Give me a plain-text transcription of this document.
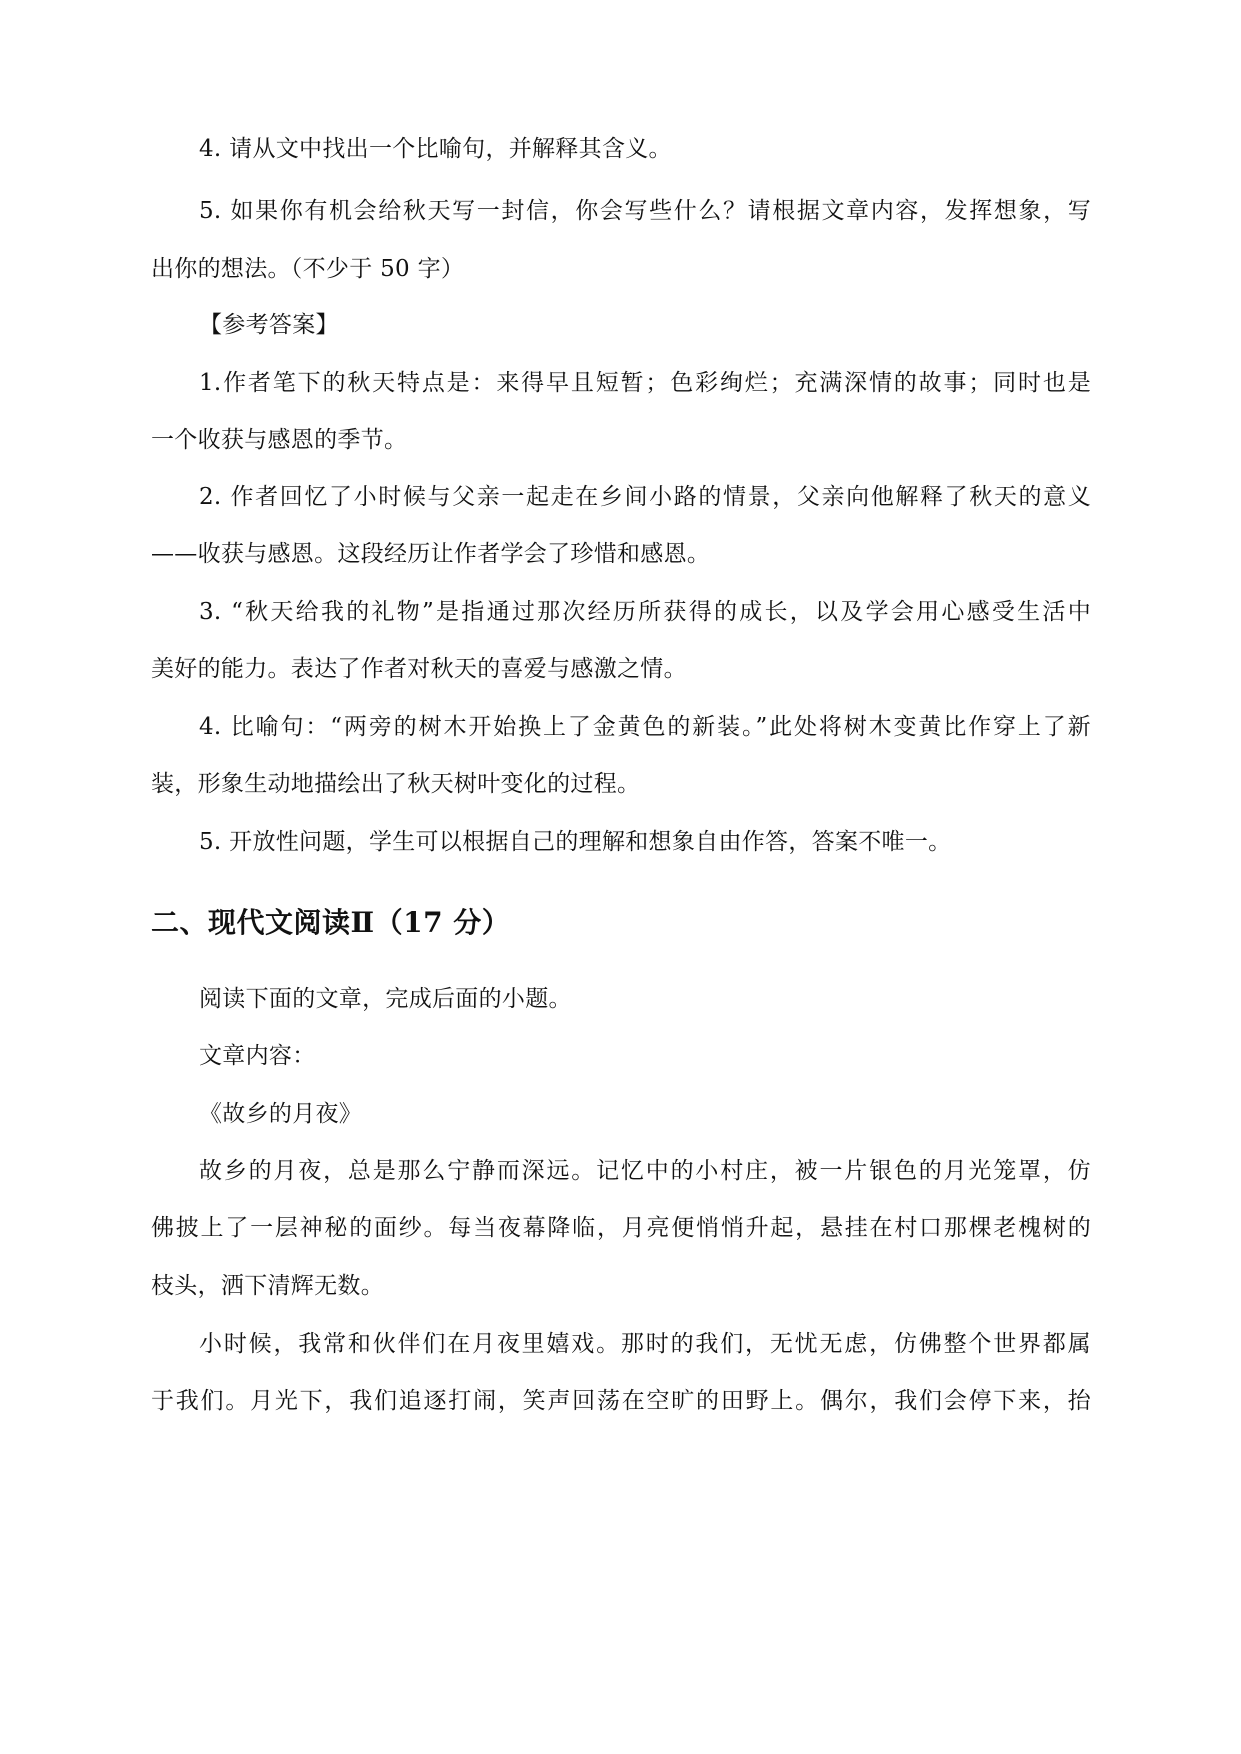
4. 请从文中找出一个比喻句，并解释其含义。
5. 如果你有机会给秋天写一封信，你会写些什么？请根据文章内容，发挥想象，写
出你的想法。（不少于 50 字）
【参考答案】
1.作者笔下的秋天特点是：来得早且短暂；色彩绚烂；充满深情的故事；同时也是
一个收获与感恩的季节。
2. 作者回忆了小时候与父亲一起走在乡间小路的情景，父亲向他解释了秋天的意义
——收获与感恩。这段经历让作者学会了珍惜和感恩。
3. “秋天给我的礼物”是指通过那次经历所获得的成长，以及学会用心感受生活中
美好的能力。表达了作者对秋天的喜爱与感激之情。
4. 比喻句：“两旁的树木开始换上了金黄色的新装。”此处将树木变黄比作穿上了新
装，形象生动地描绘出了秋天树叶变化的过程。
5. 开放性问题，学生可以根据自己的理解和想象自由作答，答案不唯一。
二、现代文阅读Ⅱ（17 分）
阅读下面的文章，完成后面的小题。
文章内容：
《故乡的月夜》
故乡的月夜，总是那么宁静而深远。记忆中的小村庄，被一片银色的月光笼罩，仿
佛披上了一层神秘的面纱。每当夜幕降临，月亮便悄悄升起，悬挂在村口那棵老槐树的
枝头，洒下清辉无数。
小时候，我常和伙伴们在月夜里嬉戏。那时的我们，无忧无虑，仿佛整个世界都属
于我们。月光下，我们追逐打闹，笑声回荡在空旷的田野上。偶尔，我们会停下来，抬
